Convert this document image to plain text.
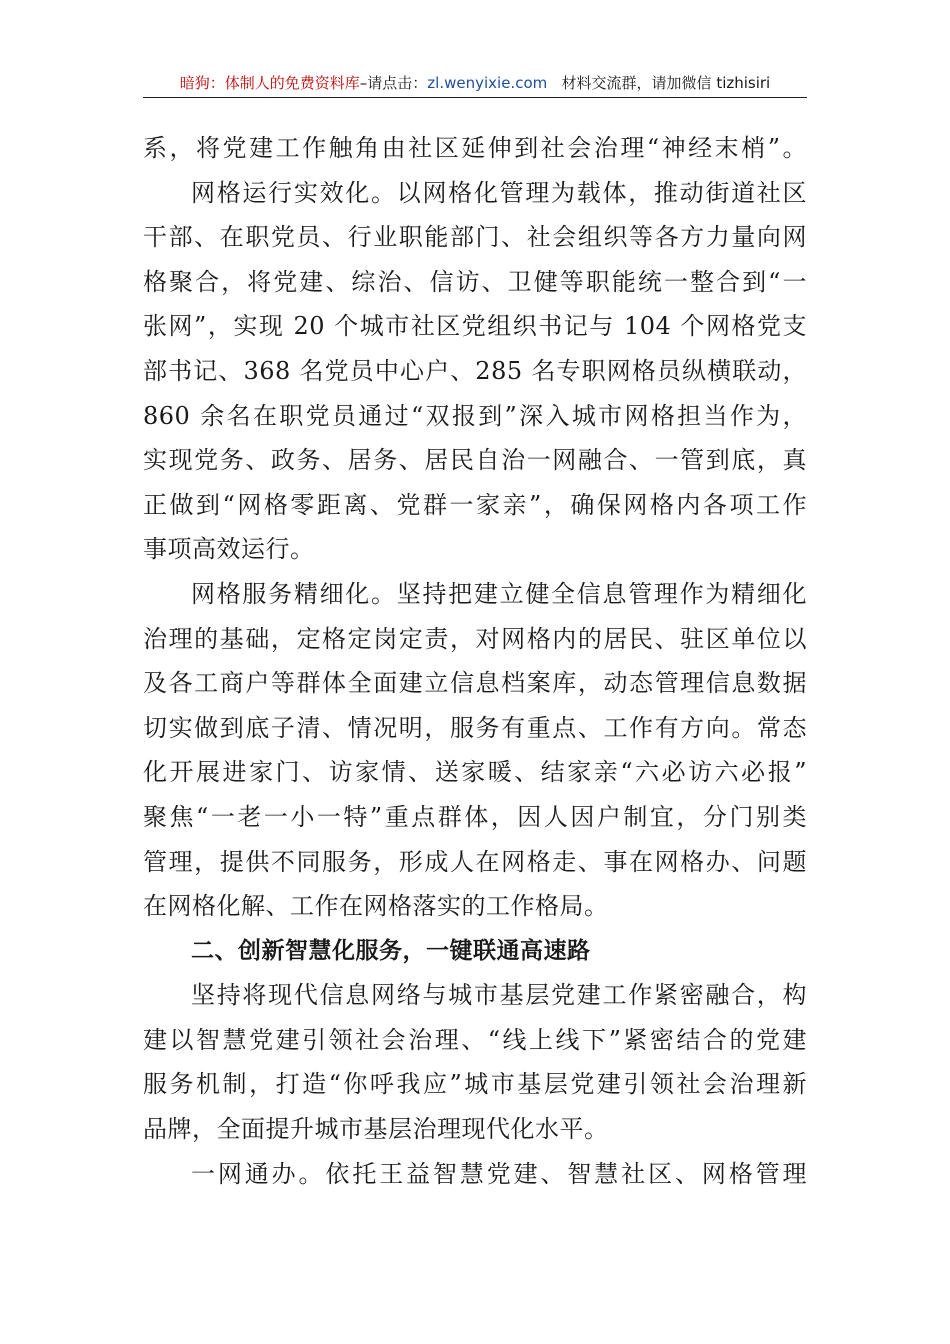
暗狗：体制人的免费资料库–请点击：zl.wenyixie.com 材料交流群，请加微信 tizhisiri
系，将党建工作触角由社区延伸到社会治理“神经末梢”。
网格运行实效化。以网格化管理为载体，推动街道社区
干部、在职党员、行业职能部门、社会组织等各方力量向网
格聚合，将党建、综治、信访、卫健等职能统一整合到“一
张网”，实现 20 个城市社区党组织书记与 104 个网格党支
部书记、368 名党员中心户、285 名专职网格员纵横联动，
860 余名在职党员通过“双报到”深入城市网格担当作为，
实现党务、政务、居务、居民自治一网融合、一管到底，真
正做到“网格零距离、党群一家亲”，确保网格内各项工作
事项高效运行。
网格服务精细化。坚持把建立健全信息管理作为精细化
治理的基础，定格定岗定责，对网格内的居民、驻区单位以
及各工商户等群体全面建立信息档案库，动态管理信息数据
切实做到底子清、情况明，服务有重点、工作有方向。常态
化开展进家门、访家情、送家暖、结家亲“六必访六必报”
聚焦“一老一小一特”重点群体，因人因户制宜，分门别类
管理，提供不同服务，形成人在网格走、事在网格办、问题
在网格化解、工作在网格落实的工作格局。
二、创新智慧化服务，一键联通高速路
坚持将现代信息网络与城市基层党建工作紧密融合，构
建以智慧党建引领社会治理、“线上线下”紧密结合的党建
服务机制，打造“你呼我应”城市基层党建引领社会治理新
品牌，全面提升城市基层治理现代化水平。
一网通办。依托王益智慧党建、智慧社区、网格管理
